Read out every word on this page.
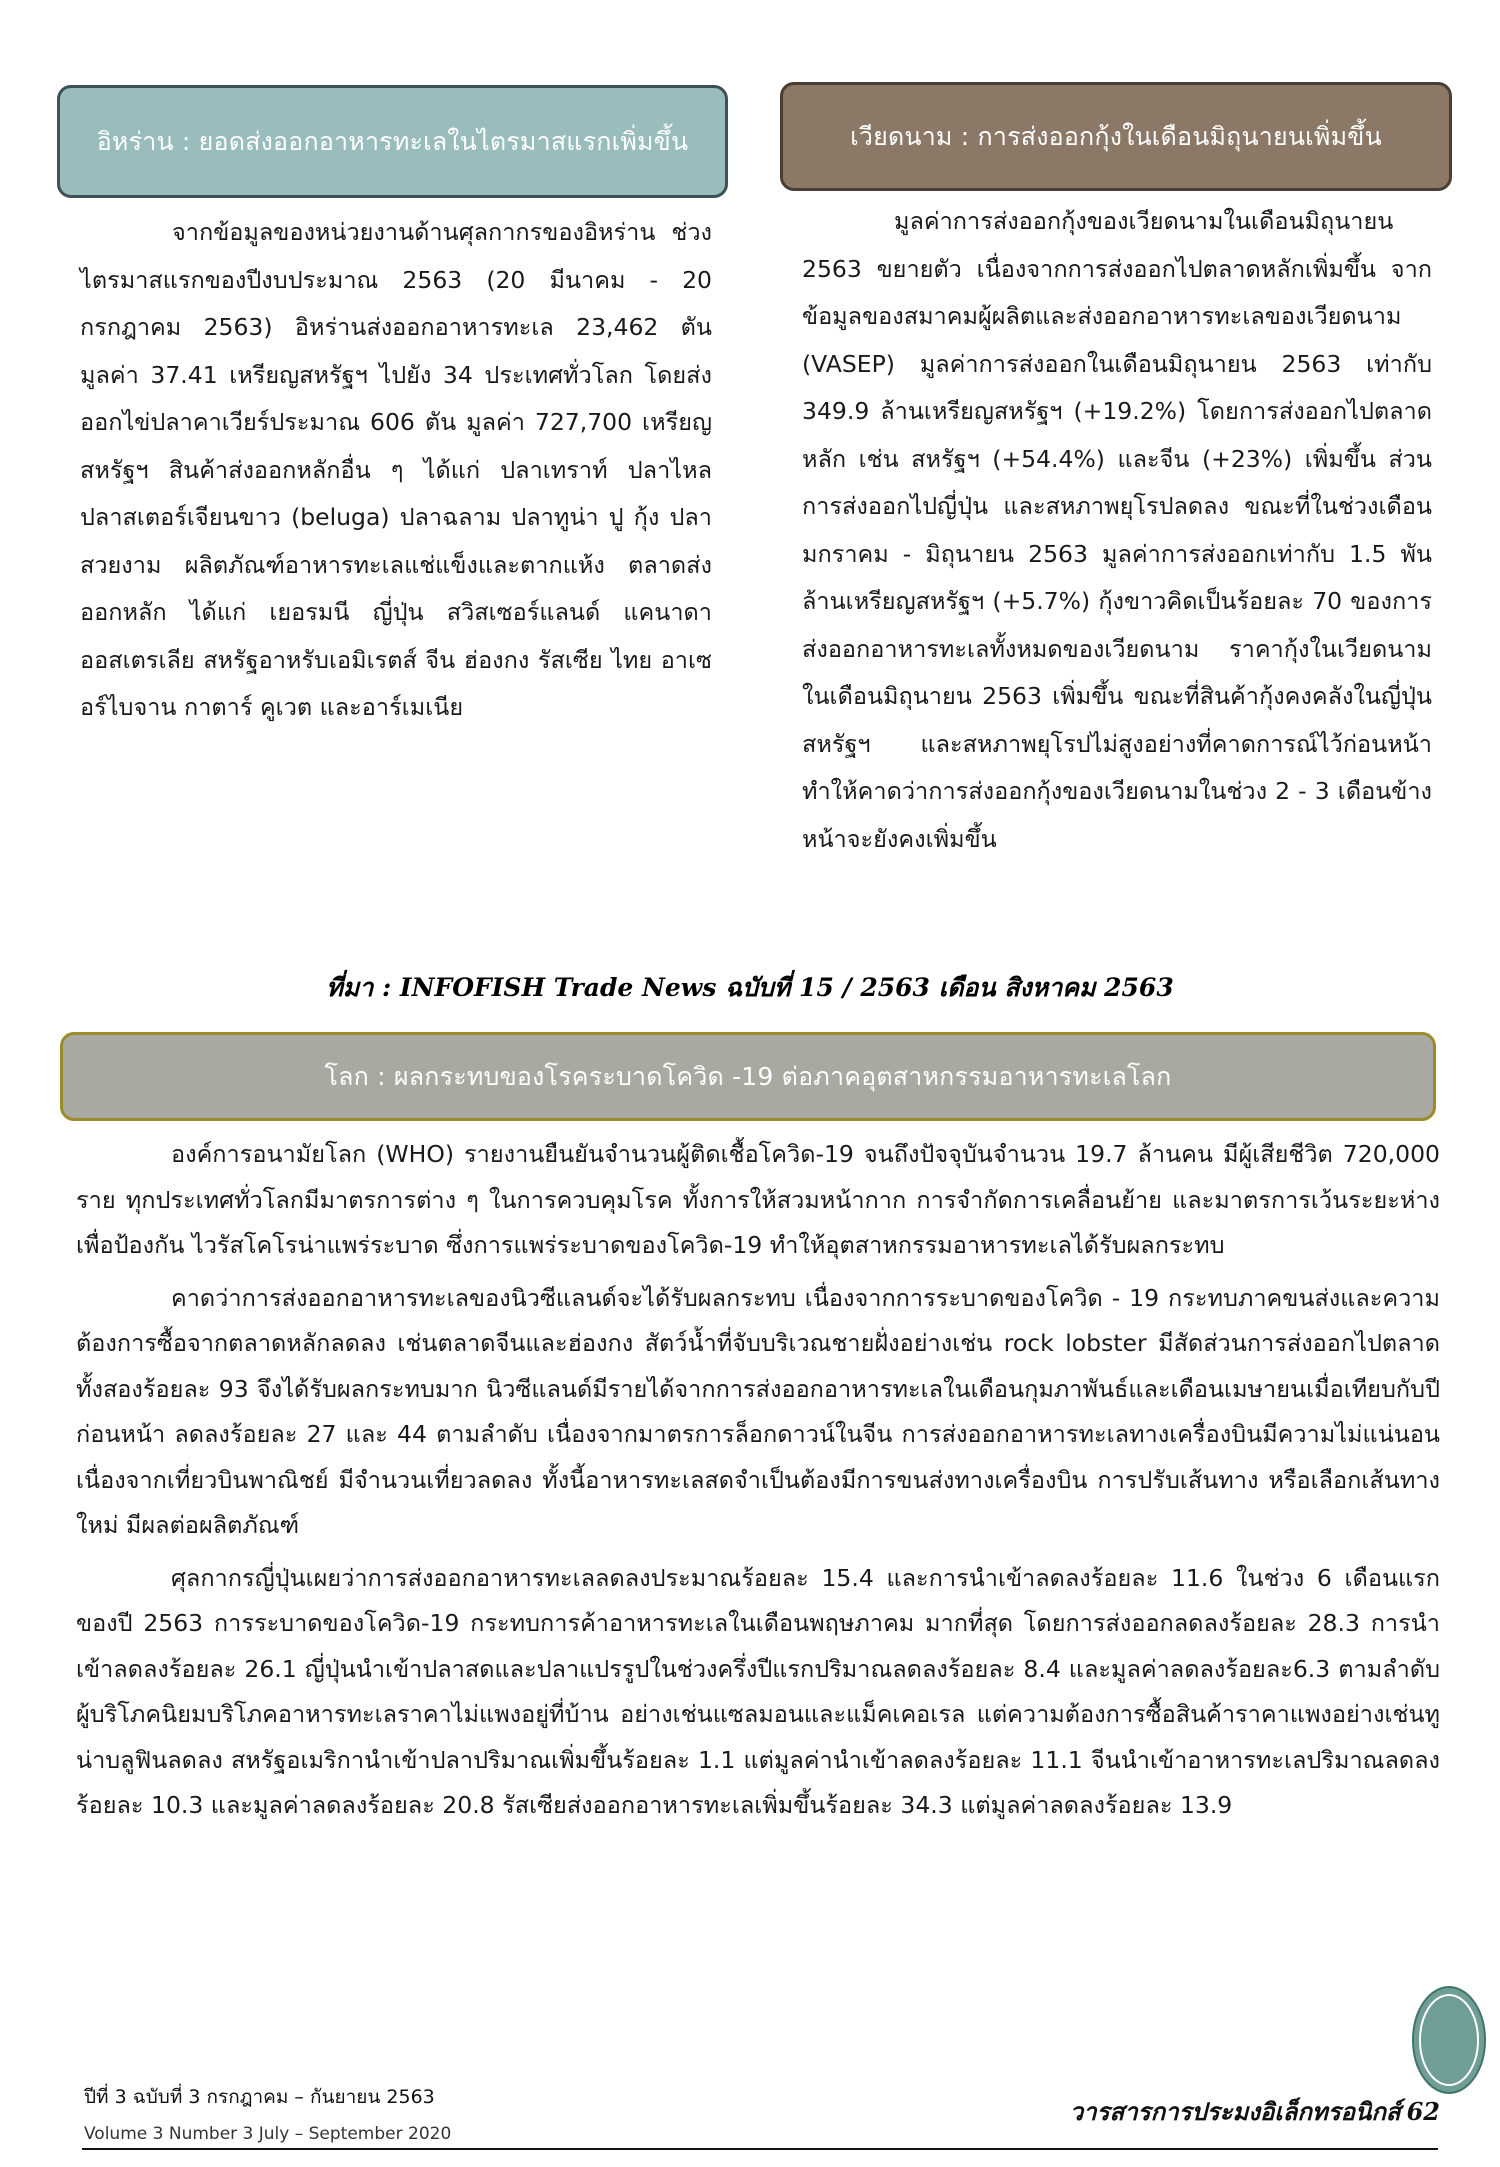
อิหร่าน : ยอดส่งออกอาหารทะเลในไตรมาสแรกเพิ่มขึ้น	เวียดนาม : การส่งออกกุ้งในเดือนมิถุนายนเพิ่มขึ้น

จากข้อมูลของหน่วยงานด้านศุลกากรของอิหร่าน ช่วงไตรมาสแรกของปีงบประมาณ 2563 (20 มีนาคม - 20 กรกฎาคม 2563) อิหร่านส่งออกอาหารทะเล 23,462 ตัน มูลค่า 37.41 เหรียญสหรัฐฯ ไปยัง 34 ประเทศทั่วโลก โดยส่งออกไข่ปลาคาเวียร์ประมาณ 606 ตัน มูลค่า 727,700 เหรียญสหรัฐฯ สินค้าส่งออกหลักอื่น ๆ ได้แก่ ปลาเทราท์ ปลาไหล ปลาสเตอร์เจียนขาว (beluga) ปลาฉลาม ปลาทูน่า ปู กุ้ง ปลาสวยงาม ผลิตภัณฑ์อาหารทะเลแช่แข็งและตากแห้ง ตลาดส่งออกหลัก ได้แก่ เยอรมนี ญี่ปุ่น สวิสเซอร์แลนด์ แคนาดา ออสเตรเลีย สหรัฐอาหรับเอมิเรตส์ จีน ฮ่องกง รัสเซีย ไทย อาเซอร์ไบจาน กาตาร์ คูเวต และอาร์เมเนีย

มูลค่าการส่งออกกุ้งของเวียดนามในเดือนมิถุนายน 2563 ขยายตัว เนื่องจากการส่งออกไปตลาดหลักเพิ่มขึ้น จากข้อมูลของสมาคมผู้ผลิตและส่งออกอาหารทะเลของเวียดนาม (VASEP) มูลค่าการส่งออกในเดือนมิถุนายน 2563 เท่ากับ 349.9 ล้านเหรียญสหรัฐฯ (+19.2%) โดยการส่งออกไปตลาดหลัก เช่น สหรัฐฯ (+54.4%) และจีน (+23%) เพิ่มขึ้น ส่วนการส่งออกไปญี่ปุ่น และสหภาพยุโรปลดลง ขณะที่ในช่วงเดือนมกราคม - มิถุนายน 2563 มูลค่าการส่งออกเท่ากับ 1.5 พันล้านเหรียญสหรัฐฯ (+5.7%) กุ้งขาวคิดเป็นร้อยละ 70 ของการส่งออกอาหารทะเลทั้งหมดของเวียดนาม ราคากุ้งในเวียดนามในเดือนมิถุนายน 2563 เพิ่มขึ้น ขณะที่สินค้ากุ้งคงคลังในญี่ปุ่น สหรัฐฯ และสหภาพยุโรปไม่สูงอย่างที่คาดการณ์ไว้ก่อนหน้า ทำให้คาดว่าการส่งออกกุ้งของเวียดนามในช่วง 2 - 3 เดือนข้างหน้าจะยังคงเพิ่มขึ้น

ที่มา : INFOFISH Trade News ฉบับที่ 15 / 2563 เดือน สิงหาคม 2563
โลก : ผลกระทบของโรคระบาดโควิด -19 ต่อภาคอุตสาหกรรมอาหารทะเลโลก

องค์การอนามัยโลก (WHO) รายงานยืนยันจำนวนผู้ติดเชื้อโควิด-19 จนถึงปัจจุบันจำนวน 19.7 ล้านคน มีผู้เสียชีวิต 720,000 ราย ทุกประเทศทั่วโลกมีมาตรการต่าง ๆ ในการควบคุมโรค ทั้งการให้สวมหน้ากาก การจำกัดการเคลื่อนย้าย และมาตรการเว้นระยะห่าง เพื่อป้องกัน ไวรัสโคโรน่าแพร่ระบาด ซึ่งการแพร่ระบาดของโควิด-19 ทำให้อุตสาหกรรมอาหารทะเลได้รับผลกระทบ

คาดว่าการส่งออกอาหารทะเลของนิวซีแลนด์จะได้รับผลกระทบ เนื่องจากการระบาดของโควิด - 19 กระทบภาคขนส่งและความต้องการซื้อจากตลาดหลักลดลง เช่นตลาดจีนและฮ่องกง สัตว์น้ำที่จับบริเวณชายฝั่งอย่างเช่น rock lobster มีสัดส่วนการส่งออกไปตลาดทั้งสองร้อยละ 93 จึงได้รับผลกระทบมาก นิวซีแลนด์มีรายได้จากการส่งออกอาหารทะเลในเดือนกุมภาพันธ์และเดือนเมษายนเมื่อเทียบกับปีก่อนหน้า ลดลงร้อยละ 27 และ 44 ตามลำดับ เนื่องจากมาตรการล็อกดาวน์ในจีน การส่งออกอาหารทะเลทางเครื่องบินมีความไม่แน่นอน เนื่องจากเที่ยวบินพาณิชย์ มีจำนวนเที่ยวลดลง ทั้งนี้อาหารทะเลสดจำเป็นต้องมีการขนส่งทางเครื่องบิน การปรับเส้นทาง หรือเลือกเส้นทางใหม่ มีผลต่อผลิตภัณฑ์

ศุลกากรญี่ปุ่นเผยว่าการส่งออกอาหารทะเลลดลงประมาณร้อยละ 15.4 และการนำเข้าลดลงร้อยละ 11.6 ในช่วง 6 เดือนแรกของปี 2563 การระบาดของโควิด-19 กระทบการค้าอาหารทะเลในเดือนพฤษภาคม มากที่สุด โดยการส่งออกลดลงร้อยละ 28.3 การนำเข้าลดลงร้อยละ 26.1 ญี่ปุ่นนำเข้าปลาสดและปลาแปรรูปในช่วงครึ่งปีแรกปริมาณลดลงร้อยละ 8.4 และมูลค่าลดลงร้อยละ6.3 ตามลำดับ ผู้บริโภคนิยมบริโภคอาหารทะเลราคาไม่แพงอยู่ที่บ้าน อย่างเช่นแซลมอนและแม็คเคอเรล แต่ความต้องการซื้อสินค้าราคาแพงอย่างเช่นทูน่าบลูฟินลดลง สหรัฐอเมริกานำเข้าปลาปริมาณเพิ่มขึ้นร้อยละ 1.1 แต่มูลค่านำเข้าลดลงร้อยละ 11.1 จีนนำเข้าอาหารทะเลปริมาณลดลงร้อยละ 10.3 และมูลค่าลดลงร้อยละ 20.8 รัสเซียส่งออกอาหารทะเลเพิ่มขึ้นร้อยละ 34.3 แต่มูลค่าลดลงร้อยละ 13.9

ปีที่ 3 ฉบับที่ 3 กรกฎาคม – กันยายน 2563
Volume 3 Number 3 July – September 2020
วารสารการประมงอิเล็กทรอนิกส์ 62
